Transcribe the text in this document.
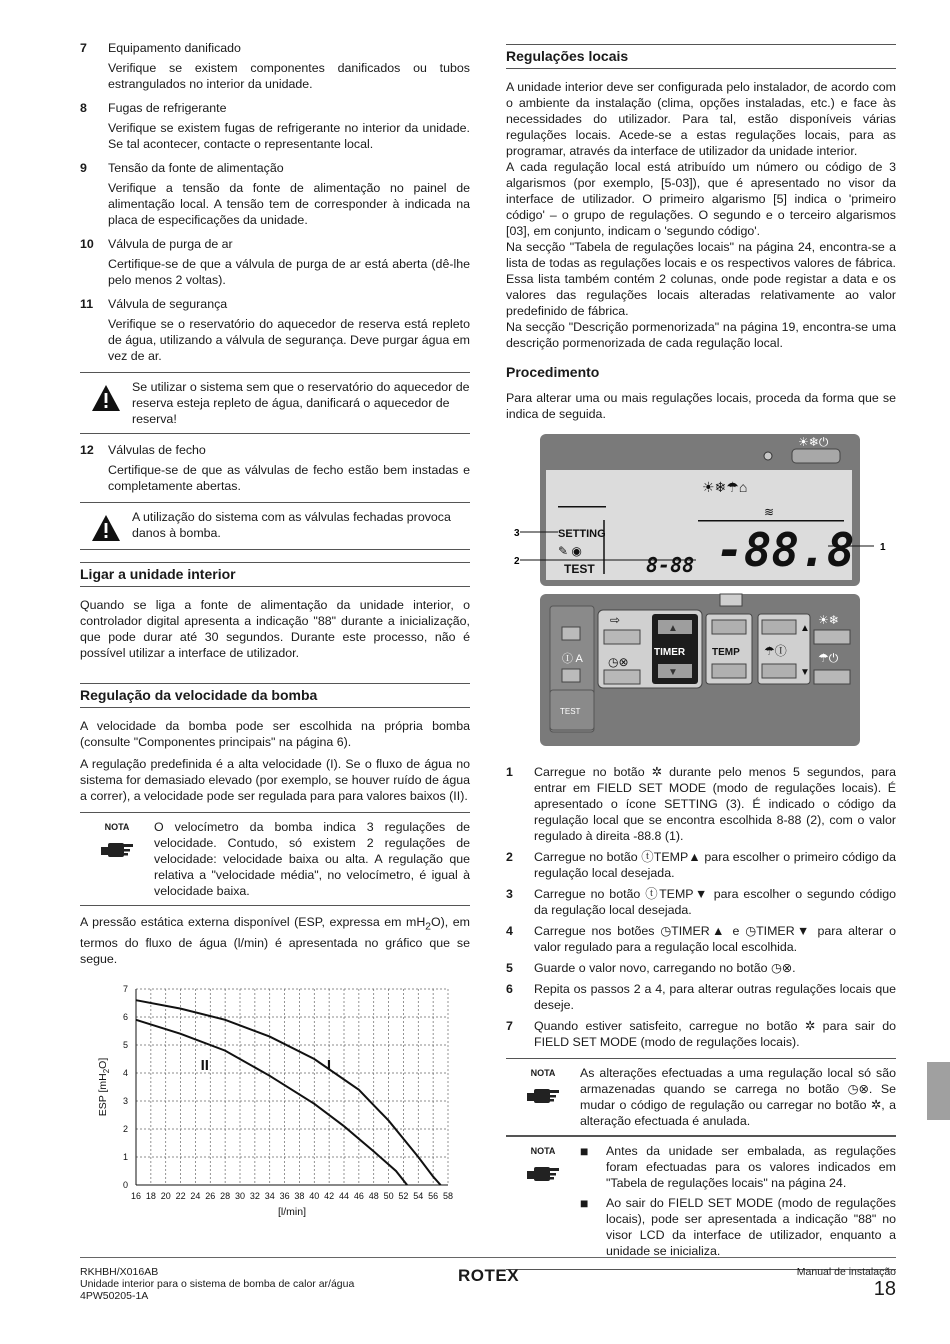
7	Equipamento danificado
Verifique se existem componentes danificados ou tubos estrangulados no interior da unidade.
8	Fugas de refrigerante
Verifique se existem fugas de refrigerante no interior da unidade. Se tal acontecer, contacte o representante local.
9	Tensão da fonte de alimentação
Verifique a tensão da fonte de alimentação no painel de alimentação local. A tensão tem de corresponder à indicada na placa de especificações da unidade.
10	Válvula de purga de ar
Certifique-se de que a válvula de purga de ar está aberta (dê-lhe pelo menos 2 voltas).
11	Válvula de segurança
Verifique se o reservatório do aquecedor de reserva está repleto de água, utilizando a válvula de segurança. Deve purgar água em vez de ar.
Se utilizar o sistema sem que o reservatório do aquecedor de reserva esteja repleto de água, danificará o aquecedor de reserva!
12	Válvulas de fecho
Certifique-se de que as válvulas de fecho estão bem instadas e completamente abertas.
A utilização do sistema com as válvulas fechadas provoca danos à bomba.
Ligar a unidade interior

Quando se liga a fonte de alimentação da unidade interior, o controlador digital apresenta a indicação "88" durante a inicialização, que pode durar até 30 segundos. Durante este processo, não é possível utilizar a interface de utilizador.

Regulação da velocidade da bomba

A velocidade da bomba pode ser escolhida na própria bomba (consulte "Componentes principais" na página 6).

A regulação predefinida é a alta velocidade (I). Se o fluxo de água no sistema for demasiado elevado (por exemplo, se houver ruído de água a correr), a velocidade pode ser regulada para para valores baixos (II).

NOTA O velocímetro da bomba indica 3 regulações de velocidade. Contudo, só existem 2 regulações de velocidade: velocidade baixa ou alta. A regulação que relativa a "velocidade média", no velocímetro, é igual à velocidade baixa.

A pressão estática externa disponível (ESP, expressa em $mH_2O$), em termos do fluxo de água (l/min) é apresentada no gráfico que se segue.

16 18 20 22 24 26 28 30 32 34 36 38 40 42 44 46 48 50 52 54 56 58
0
1
2
3
4
5
6
7
I
II
[l/min]
ESP $[mH_2O]$
Regulações locais

A unidade interior deve ser configurada pelo instalador, de acordo com o ambiente da instalação (clima, opções instaladas, etc.) e face às necessidades do utilizador. Para tal, estão disponíveis várias regulações locais. Acede-se a estas regulações locais, para as programar, através da interface de utilizador da unidade interior.

A cada regulação local está atribuído um número ou código de 3 algarismos (por exemplo, [5-03]), que é apresentado no visor da interface de utilizador. O primeiro algarismo [5] indica o 'primeiro código' – o grupo de regulações. O segundo e o terceiro algarismos [03], em conjunto, indicam o 'segundo código'.

Na secção "Tabela de regulações locais" na página 24, encontra-se a lista de todas as regulações locais e os respectivos valores de fábrica. Essa lista também contém 2 colunas, onde pode registar a data e os valores das regulações locais alteradas relativamente ao valor predefinido de fábrica.

Na secção "Descrição pormenorizada" na página 19, encontra-se uma descrição pormenorizada de cada regulação local.

Procedimento

Para alterar uma ou mais regulações locais, proceda da forma que se indica de seguida.

☀❄⏻
☀❄☂⌂
≋
SETTING
✎ ◉
TEST	8-88 -88.8
3
2
1
Ⓘ A
TEST
⇨
◷⊗
▲
TIMER
▼
TEMP
▲
☂Ⓘ
▼
☀❄
☂⏻
1	Carregue no botão ✲ durante pelo menos 5 segundos, para entrar em FIELD SET MODE (modo de regulações locais). É apresentado o ícone SETTING (3). É indicado o código da regulação local que se encontra escolhida 8-88 (2), com o valor regulado à direita -88.8 (1).
2	Carregue no botão ⓣTEMP▲ para escolher o primeiro código da regulação local desejada.
3	Carregue no botão ⓣTEMP▼ para escolher o segundo código da regulação local desejada.
4	Carregue nos botões ◷TIMER▲ e ◷TIMER▼ para alterar o valor regulado para a regulação local escolhida.
5	Guarde o valor novo, carregando no botão ◷⊗.
6	Repita os passos 2 a 4, para alterar outras regulações locais que deseje.
7	Quando estiver satisfeito, carregue no botão ✲ para sair do FIELD SET MODE (modo de regulações locais).
NOTA As alterações efectuadas a uma regulação local só são armazenadas quando se carrega no botão ◷⊗. Se mudar o código de regulação ou carregar no botão ✲, a alteração efectuada é anulada.
NOTA ■	Antes da unidade ser embalada, as regulações foram efectuadas para os valores indicados em "Tabela de regulações locais" na página 24.
■	Ao sair do FIELD SET MODE (modo de regulações locais), pode ser apresentada a indicação "88" no visor LCD da interface de utilizador, enquanto a unidade se inicializa.
RKHBH/X016AB
Unidade interior para o sistema de bomba de calor ar/água
4PW50205-1A
ROTEX	Manual de instalação
18
